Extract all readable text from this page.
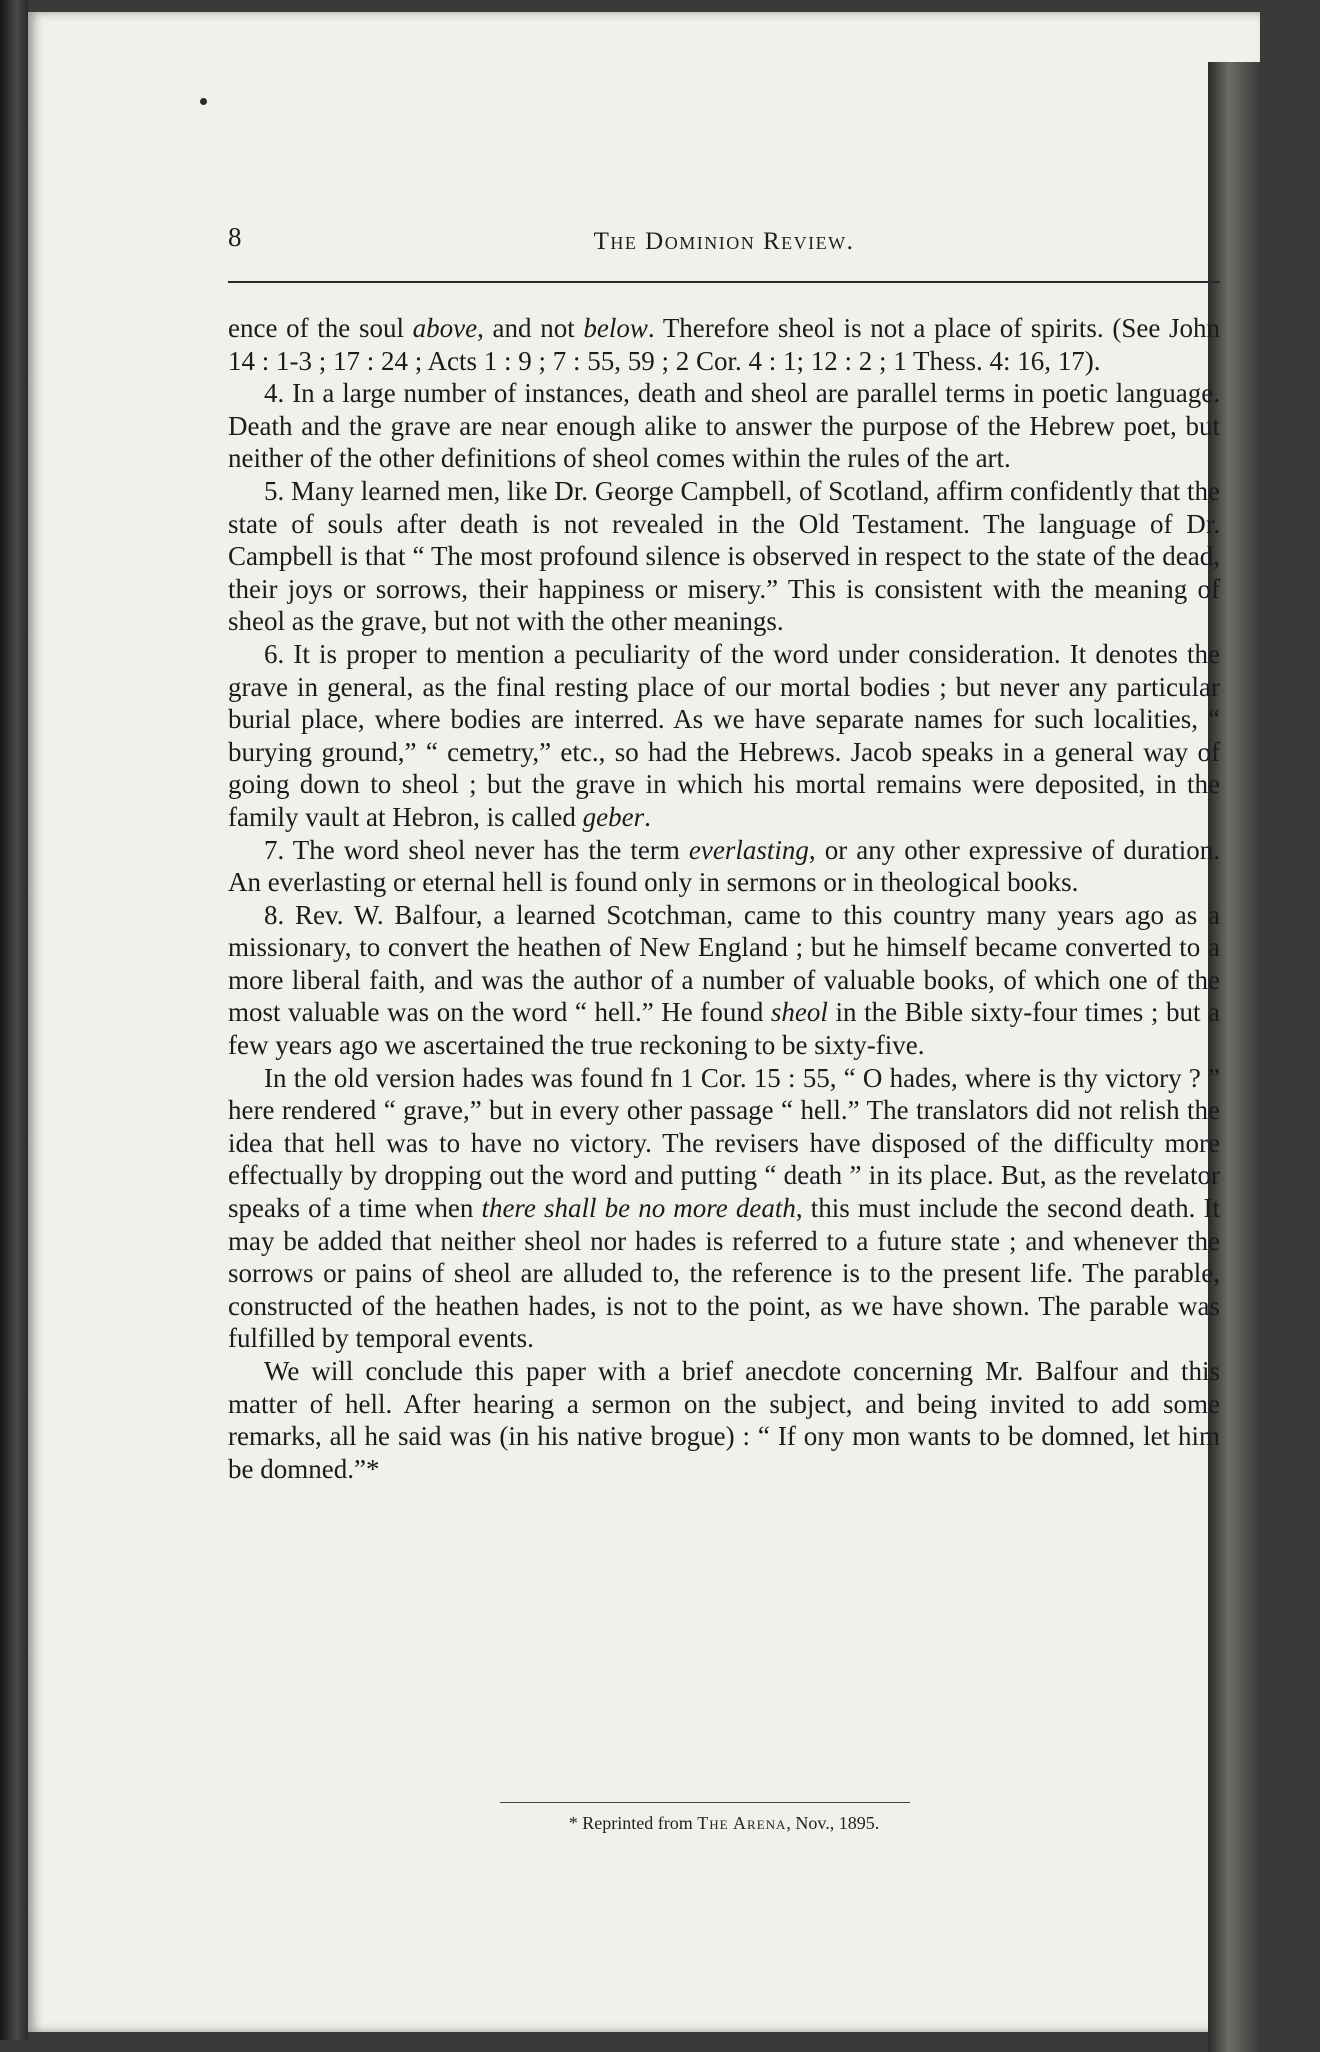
8	The Dominion Review.

ence of the soul above, and not below. Therefore sheol is not a place of spirits. (See John 14 : 1-3 ; 17 : 24 ; Acts 1 : 9 ; 7 : 55, 59 ; 2 Cor. 4 : 1; 12 : 2 ; 1 Thess. 4: 16, 17).

4. In a large number of instances, death and sheol are parallel terms in poetic language. Death and the grave are near enough alike to answer the purpose of the Hebrew poet, but neither of the other definitions of sheol comes within the rules of the art.

5. Many learned men, like Dr. George Campbell, of Scotland, affirm confidently that the state of souls after death is not revealed in the Old Testament. The language of Dr. Campbell is that “ The most profound silence is observed in respect to the state of the dead, their joys or sorrows, their happiness or misery.” This is consistent with the meaning of sheol as the grave, but not with the other meanings.

6. It is proper to mention a peculiarity of the word under consideration. It denotes the grave in general, as the final resting place of our mortal bodies ; but never any particular burial place, where bodies are interred. As we have separate names for such localities, “ burying ground,” “ cemetry,” etc., so had the Hebrews. Jacob speaks in a general way of going down to sheol ; but the grave in which his mortal remains were deposited, in the family vault at Hebron, is called geber.

7. The word sheol never has the term everlasting, or any other expressive of duration. An everlasting or eternal hell is found only in sermons or in theological books.

8. Rev. W. Balfour, a learned Scotchman, came to this country many years ago as a missionary, to convert the heathen of New England ; but he himself became converted to a more liberal faith, and was the author of a number of valuable books, of which one of the most valuable was on the word “ hell.” He found sheol in the Bible sixty-four times ; but a few years ago we ascertained the true reckoning to be sixty-five.

In the old version hades was found fn 1 Cor. 15 : 55, “ O hades, where is thy victory ? ” here rendered “ grave,” but in every other passage “ hell.” The translators did not relish the idea that hell was to have no victory. The revisers have disposed of the difficulty more effectually by dropping out the word and putting “ death ” in its place. But, as the revelator speaks of a time when there shall be no more death, this must include the second death. It may be added that neither sheol nor hades is referred to a future state ; and whenever the sorrows or pains of sheol are alluded to, the reference is to the present life. The parable, constructed of the heathen hades, is not to the point, as we have shown. The parable was fulfilled by temporal events.

We will conclude this paper with a brief anecdote concerning Mr. Balfour and this matter of hell. After hearing a sermon on the subject, and being invited to add some remarks, all he said was (in his native brogue) : “ If ony mon wants to be domned, let him be domned.”*

* Reprinted from The Arena, Nov., 1895.
